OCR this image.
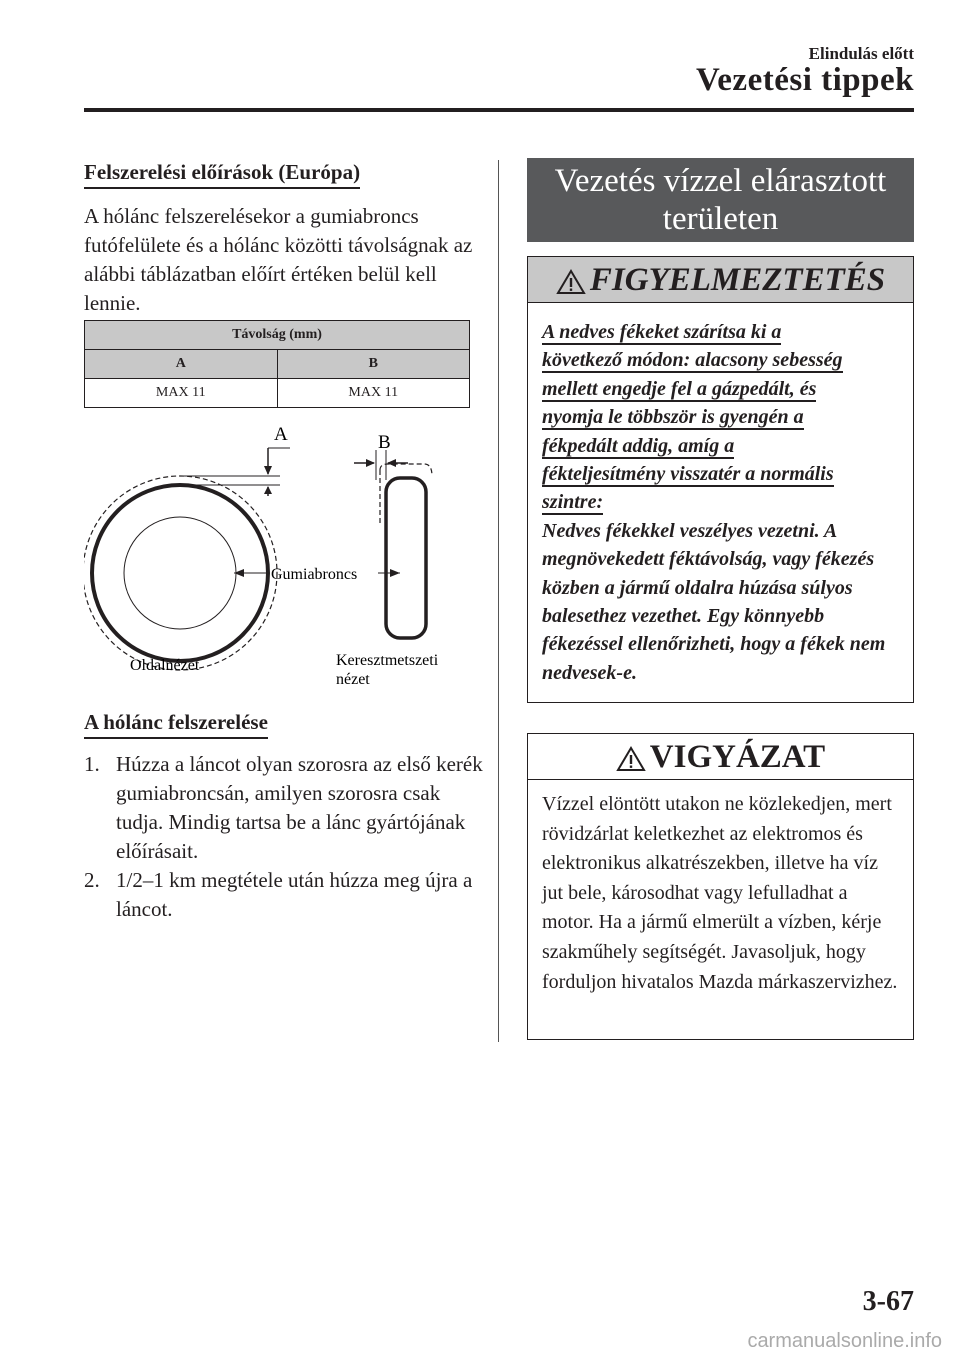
Elindulás előtt
Vezetési tippek
Felszerelési előírások (Európa)
A hólánc felszerelésekor a gumiabroncs futófelülete és a hólánc közötti távolságnak az alábbi táblázatban előírt értéken belül kell lennie.
Távolság (mm)	
A	B
MAX 11	MAX 11
A	B
Gumiabroncs
Oldalnézet	Keresztmetszeti
nézet
A hólánc felszerelése
1. Húzza a láncot olyan szorosra az első kerék gumiabroncsán, amilyen szorosra csak tudja. Mindig tartsa be a lánc gyártójának előírásait.
2. 1/2–1 km megtétele után húzza meg újra a láncot.
Vezetés vízzel elárasztott
területen
FIGYELMEZTETÉS
A nedves fékeket szárítsa ki a
következő módon: alacsony sebesség
mellett engedje fel a gázpedált, és
nyomja le többször is gyengén a
fékpedált addig, amíg a
fékteljesítmény visszatér a normális
szintre:
Nedves fékekkel veszélyes vezetni. A megnövekedett féktávolság, vagy fékezés közben a jármű oldalra húzása súlyos balesethez vezethet. Egy könnyebb fékezéssel ellenőrizheti, hogy a fékek nem nedvesek-e.
VIGYÁZAT
Vízzel elöntött utakon ne közlekedjen, mert rövidzárlat keletkezhet az elektromos és elektronikus alkatrészekben, illetve ha víz jut bele, károsodhat vagy lefulladhat a motor. Ha a jármű elmerült a vízben, kérje szakműhely segítségét. Javasoljuk, hogy forduljon hivatalos Mazda márkaszervizhez.
3-67
carmanualsonline.info
